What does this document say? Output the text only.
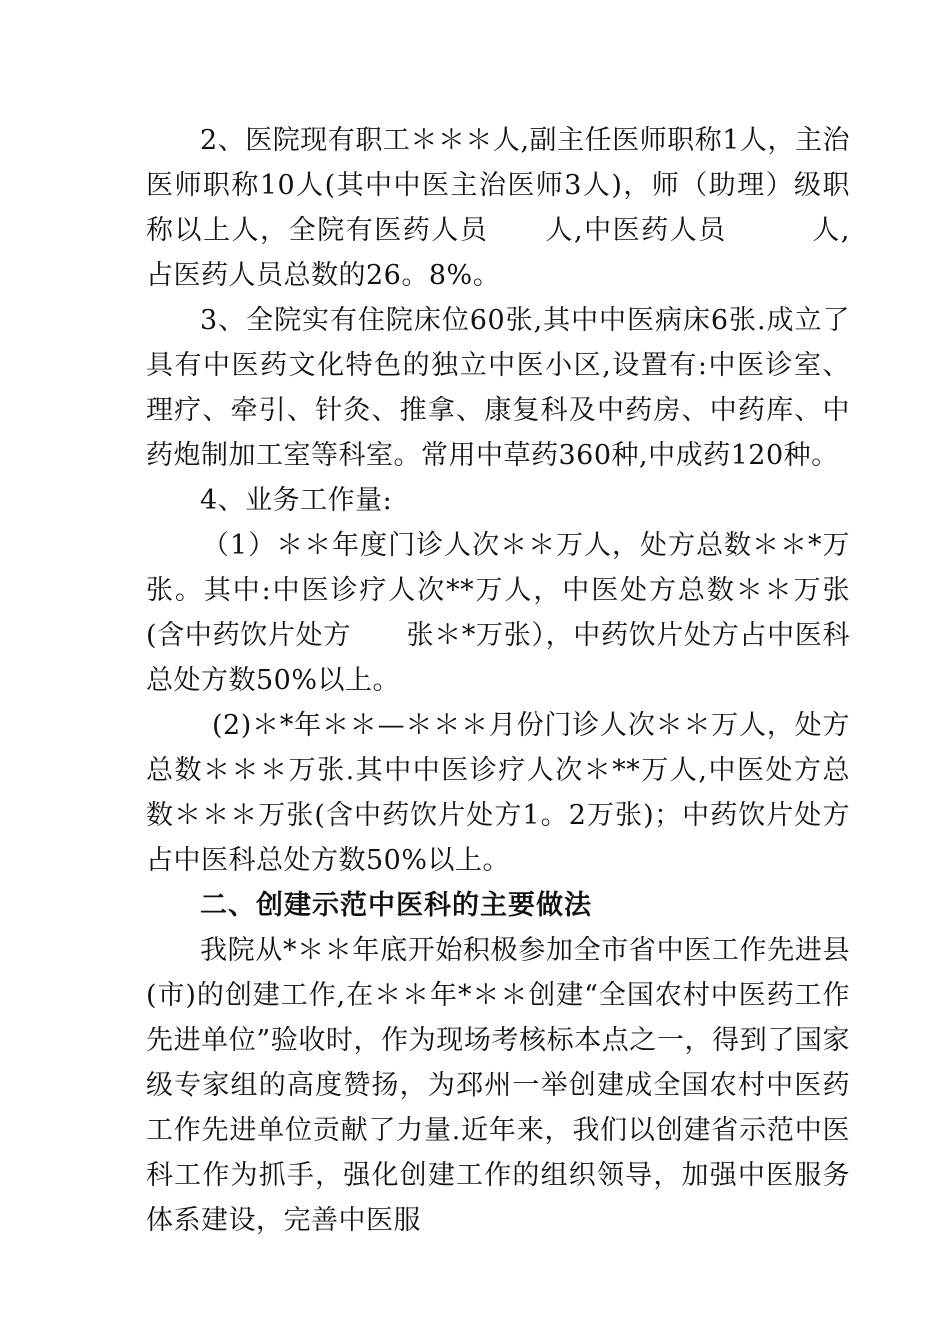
2、医院现有职工＊＊＊人,副主任医师职称1人，主治医师职称10人(其中中医主治医师3人)，师（助理）级职称以上人，全院有医药人员　　人,中医药人员　　　人,占医药人员总数的26。8%。

3、全院实有住院床位60张,其中中医病床6张.成立了具有中医药文化特色的独立中医小区,设置有:中医诊室、理疗、牵引、针灸、推拿、康复科及中药房、中药库、中药炮制加工室等科室。常用中草药360种,中成药120种。

4、业务工作量:

（1）＊＊年度门诊人次＊＊万人，处方总数＊＊*万张。其中:中医诊疗人次**万人，中医处方总数＊＊万张(含中药饮片处方　　张＊*万张），中药饮片处方占中医科总处方数50%以上。

(2)＊*年＊＊—＊＊＊月份门诊人次＊＊万人，处方总数＊＊＊万张.其中中医诊疗人次＊**万人,中医处方总数＊＊＊万张(含中药饮片处方1。2万张)；中药饮片处方占中医科总处方数50%以上。

二、创建示范中医科的主要做法

我院从*＊＊年底开始积极参加全市省中医工作先进县(市)的创建工作,在＊＊年*＊＊创建“全国农村中医药工作先进单位”验收时，作为现场考核标本点之一，得到了国家级专家组的高度赞扬，为邳州一举创建成全国农村中医药工作先进单位贡献了力量.近年来，我们以创建省示范中医科工作为抓手，强化创建工作的组织领导，加强中医服务体系建设，完善中医服
